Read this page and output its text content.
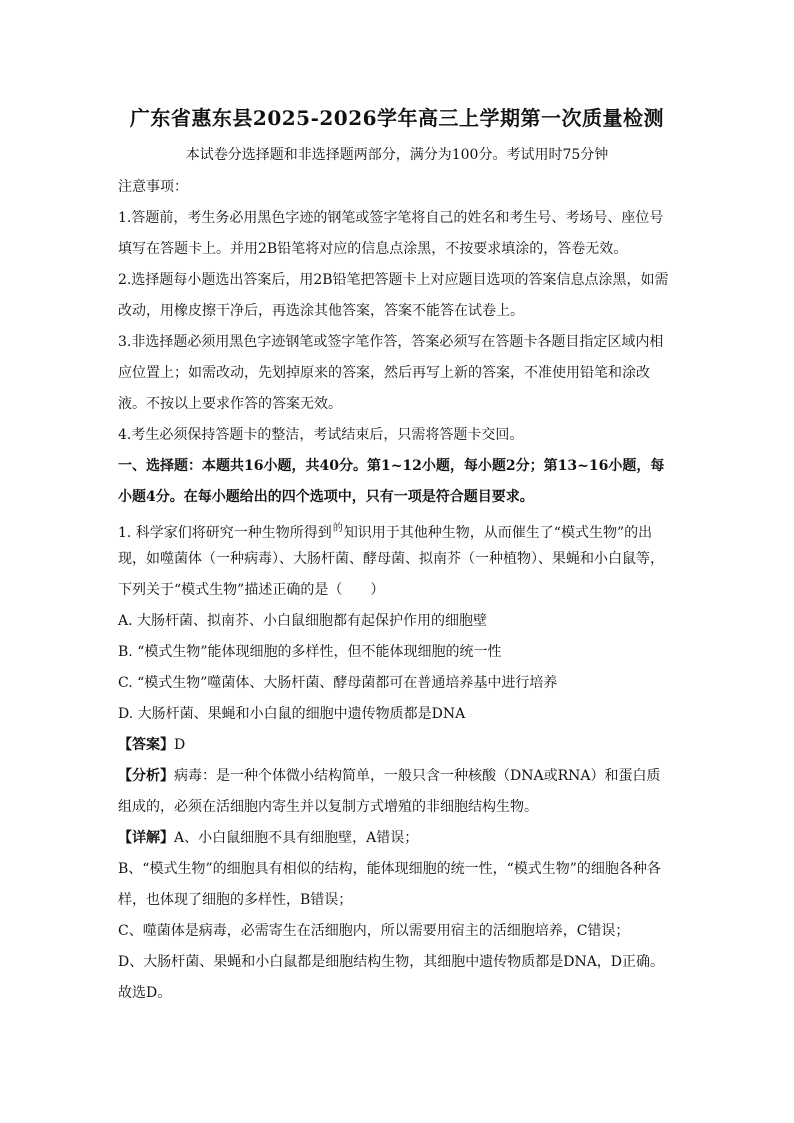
广东省惠东县2025-2026学年高三上学期第一次质量检测
本试卷分选择题和非选择题两部分，满分为100分。考试用时75分钟
注意事项：
1.答题前，考生务必用黑色字迹的钢笔或签字笔将自己的姓名和考生号、考场号、座位号
填写在答题卡上。并用2B铅笔将对应的信息点涂黑，不按要求填涂的，答卷无效。
2.选择题每小题选出答案后，用2B铅笔把答题卡上对应题目选项的答案信息点涂黑，如需
改动，用橡皮擦干净后，再选涂其他答案，答案不能答在试卷上。
3.非选择题必须用黑色字迹钢笔或签字笔作答，答案必须写在答题卡各题目指定区域内相
应位置上；如需改动，先划掉原来的答案，然后再写上新的答案，不准使用铅笔和涂改
液。不按以上要求作答的答案无效。
4.考生必须保持答题卡的整洁，考试结束后，只需将答题卡交回。
一、选择题：本题共16小题，共40分。第1~12小题，每小题2分；第13~16小题，每
小题4分。在每小题给出的四个选项中，只有一项是符合题目要求。
1. 科学家们将研究一种生物所得到$^的$知识用于其他种生物，从而催生了“模式生物”的出
现，如噬菌体（一种病毒）、大肠杆菌、酵母菌、拟南芥（一种植物）、果蝇和小白鼠等，
下列关于“模式生物”描述正确的是（　　）
A. 大肠杆菌、拟南芥、小白鼠细胞都有起保护作用的细胞壁
B. “模式生物”能体现细胞的多样性，但不能体现细胞的统一性
C. “模式生物”噬菌体、大肠杆菌、酵母菌都可在普通培养基中进行培养
D. 大肠杆菌、果蝇和小白鼠的细胞中遗传物质都是DNA
【答案】D
【分析】病毒：是一种个体微小结构简单，一般只含一种核酸（DNA或RNA）和蛋白质
组成的，必须在活细胞内寄生并以复制方式增殖的非细胞结构生物。
【详解】A、小白鼠细胞不具有细胞壁，A错误；
B、“模式生物”的细胞具有相似的结构，能体现细胞的统一性，“模式生物”的细胞各种各
样，也体现了细胞的多样性，B错误；
C、噬菌体是病毒，必需寄生在活细胞内，所以需要用宿主的活细胞培养，C错误；
D、大肠杆菌、果蝇和小白鼠都是细胞结构生物，其细胞中遗传物质都是DNA，D正确。
故选D。
